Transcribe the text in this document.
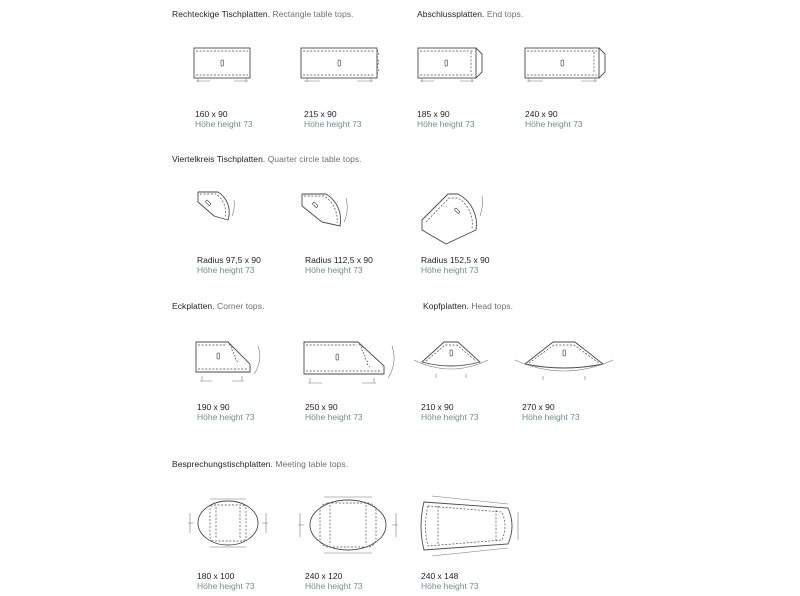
Rechteckige Tischplatten. Rectangle table tops.	Abschlussplatten. End tops.
Viertelkreis Tischplatten. Quarter circle table tops.
Eckplatten. Corner tops.	Kopfplatten. Head tops.
Besprechungstischplatten. Meeting table tops.
160 x 90
Höhe height 73
215 x 90
Höhe height 73
185 x 90
Höhe height 73
240 x 90
Höhe height 73
Radius 97,5 x 90
Höhe height 73
Radius 112,5 x 90
Höhe height 73
Radius 152,5 x 90
Höhe height 73
190 x 90
Höhe height 73
250 x 90
Höhe height 73
210 x 90
Höhe height 73
270 x 90
Höhe height 73
180 x 100
Höhe height 73
240 x 120
Höhe height 73
240 x 148
Höhe height 73
